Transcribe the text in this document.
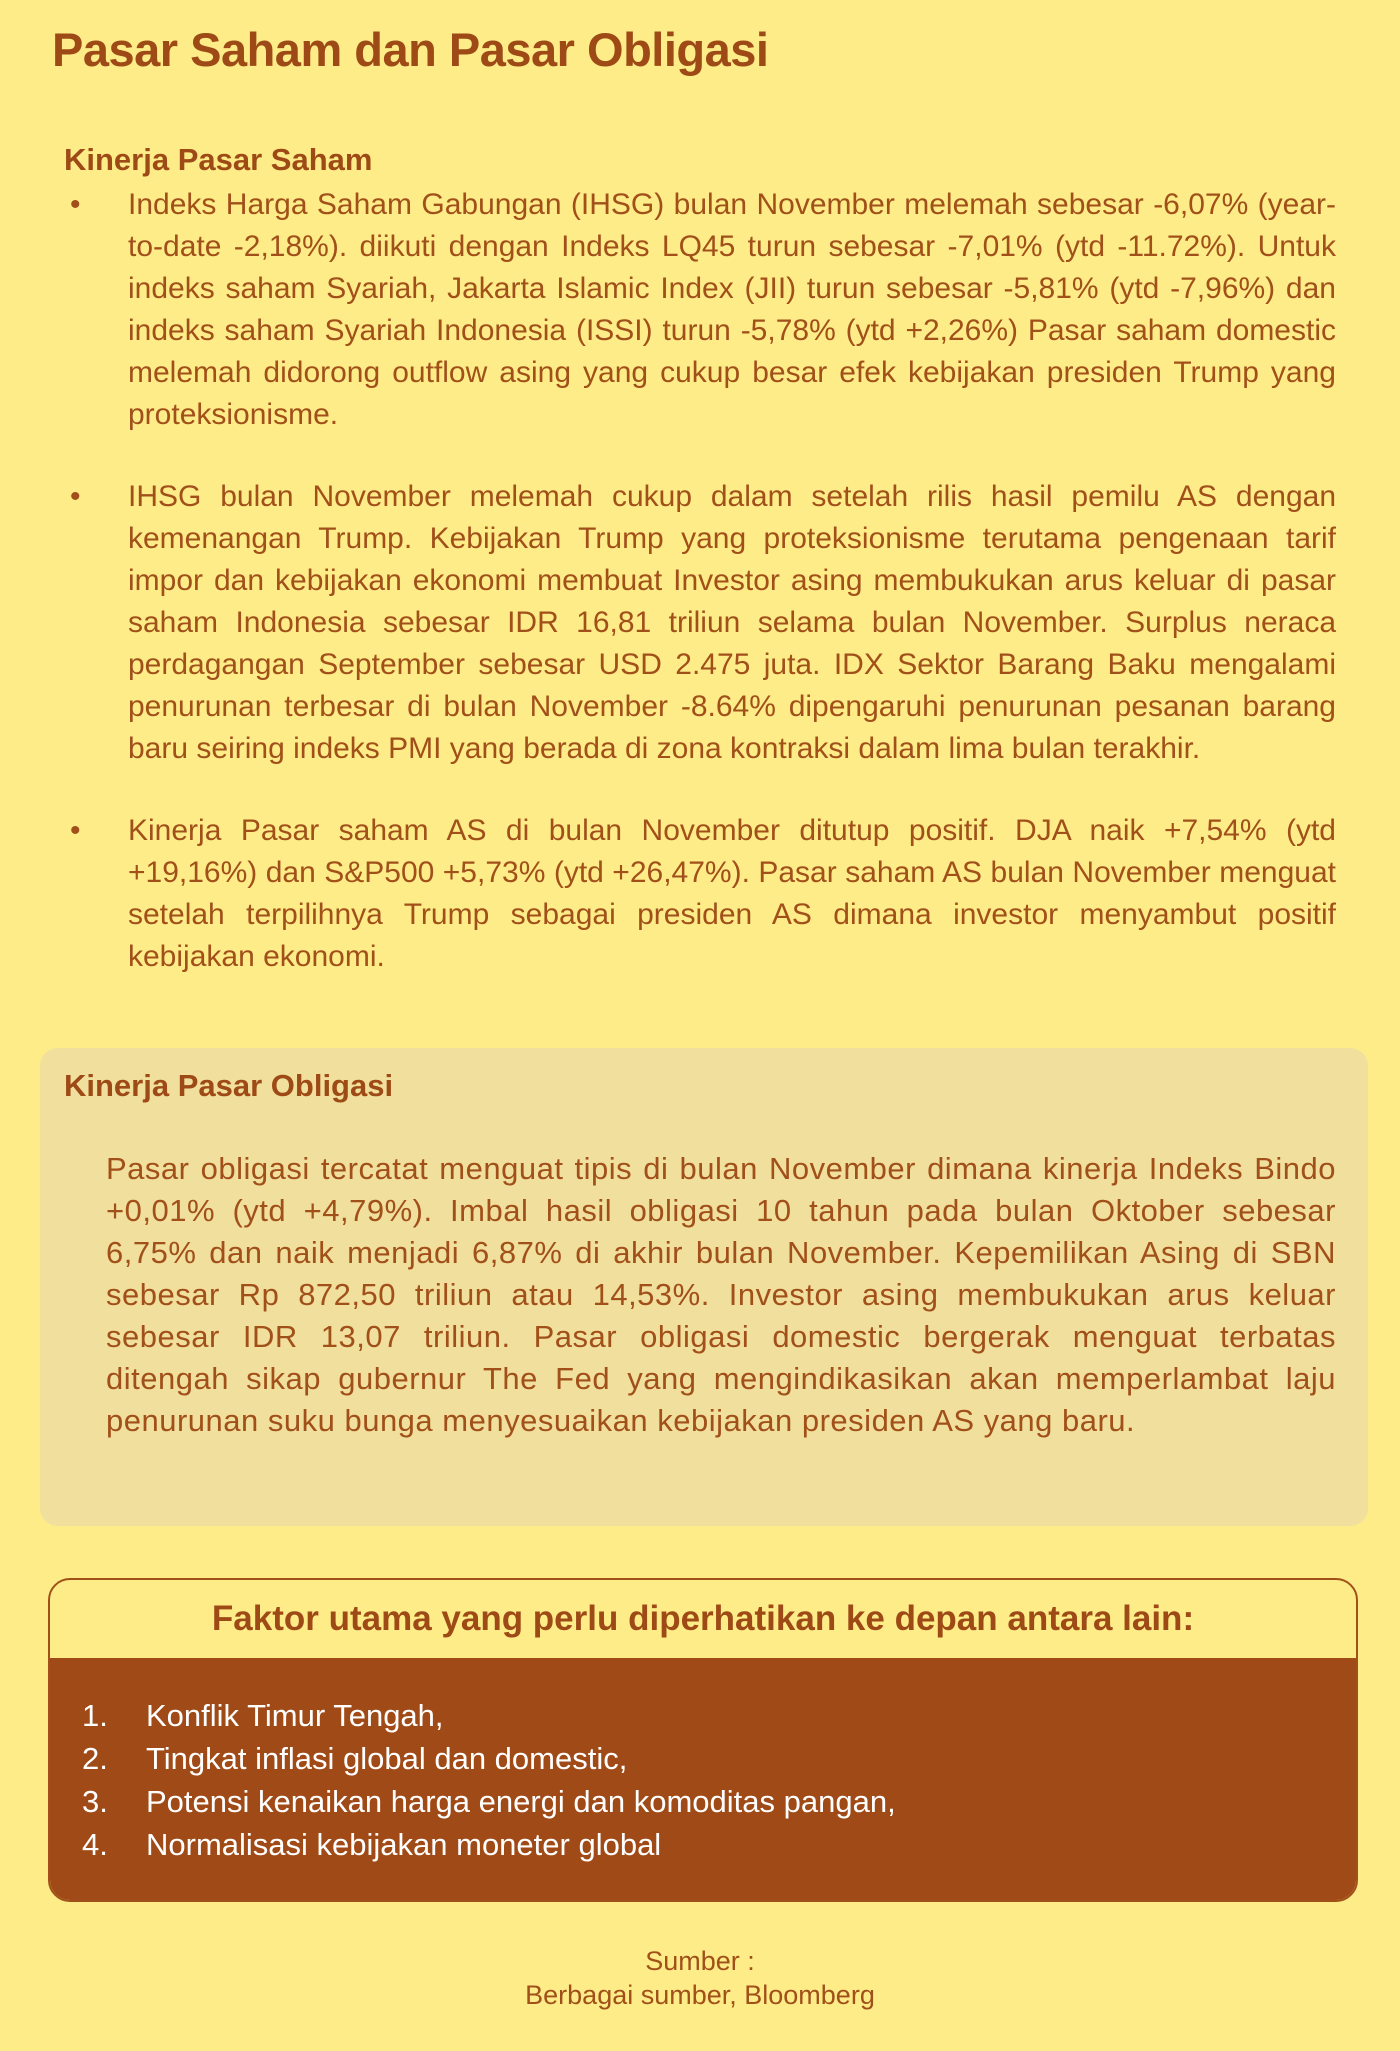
Pasar Saham dan Pasar Obligasi
Kinerja Pasar Saham
• Indeks Harga Saham Gabungan (IHSG) bulan November melemah sebesar -6,07% (year-to-date -2,18%). diikuti dengan Indeks LQ45 turun sebesar -7,01% (ytd -11.72%). Untuk indeks saham Syariah, Jakarta Islamic Index (JII) turun sebesar -5,81% (ytd -7,96%) dan indeks saham Syariah Indonesia (ISSI) turun -5,78% (ytd +2,26%) Pasar saham domestic melemah didorong outflow asing yang cukup besar efek kebijakan presiden Trump yang proteksionisme.
• IHSG bulan November melemah cukup dalam setelah rilis hasil pemilu AS dengan kemenangan Trump. Kebijakan Trump yang proteksionisme terutama pengenaan tarif impor dan kebijakan ekonomi membuat Investor asing membukukan arus keluar di pasar saham Indonesia sebesar IDR 16,81 triliun selama bulan November. Surplus neraca perdagangan September sebesar USD 2.475 juta. IDX Sektor Barang Baku mengalami penurunan terbesar di bulan November -8.64% dipengaruhi penurunan pesanan barang baru seiring indeks PMI yang berada di zona kontraksi dalam lima bulan terakhir.
• Kinerja Pasar saham AS di bulan November ditutup positif. DJA naik +7,54% (ytd +19,16%) dan S&P500 +5,73% (ytd +26,47%). Pasar saham AS bulan November menguat setelah terpilihnya Trump sebagai presiden AS dimana investor menyambut positif kebijakan ekonomi.
Kinerja Pasar Obligasi
Pasar obligasi tercatat menguat tipis di bulan November dimana kinerja Indeks Bindo +0,01% (ytd +4,79%). Imbal hasil obligasi 10 tahun pada bulan Oktober sebesar 6,75% dan naik menjadi 6,87% di akhir bulan November. Kepemilikan Asing di SBN sebesar Rp 872,50 triliun atau 14,53%. Investor asing membukukan arus keluar sebesar IDR 13,07 triliun. Pasar obligasi domestic bergerak menguat terbatas ditengah sikap gubernur The Fed yang mengindikasikan akan memperlambat laju penurunan suku bunga menyesuaikan kebijakan presiden AS yang baru.
Faktor utama yang perlu diperhatikan ke depan antara lain:
1.	Konflik Timur Tengah,
2.	Tingkat inflasi global dan domestic,
3.	Potensi kenaikan harga energi dan komoditas pangan,
4.	Normalisasi kebijakan moneter global
Sumber :
Berbagai sumber, Bloomberg
